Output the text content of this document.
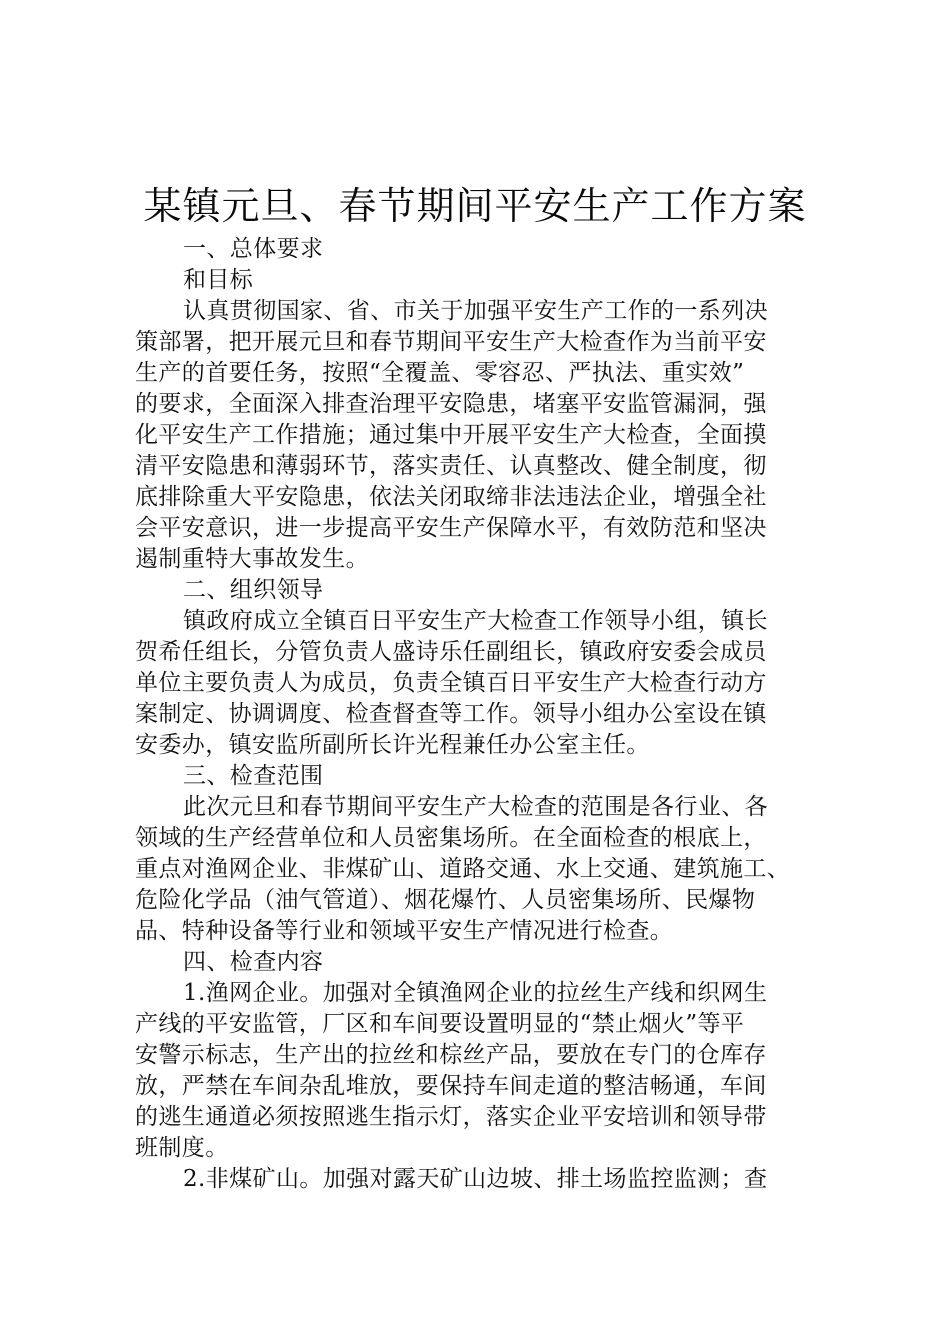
某镇元旦、春节期间平安生产工作方案
一、总体要求
和目标
认真贯彻国家、省、市关于加强平安生产工作的一系列决
策部署，把开展元旦和春节期间平安生产大检查作为当前平安
生产的首要任务，按照“全覆盖、零容忍、严执法、重实效”
的要求，全面深入排查治理平安隐患，堵塞平安监管漏洞，强
化平安生产工作措施；通过集中开展平安生产大检查，全面摸
清平安隐患和薄弱环节，落实责任、认真整改、健全制度，彻
底排除重大平安隐患，依法关闭取缔非法违法企业，增强全社
会平安意识，进一步提高平安生产保障水平，有效防范和坚决
遏制重特大事故发生。
二、组织领导
镇政府成立全镇百日平安生产大检查工作领导小组，镇长
贺希任组长，分管负责人盛诗乐任副组长，镇政府安委会成员
单位主要负责人为成员，负责全镇百日平安生产大检查行动方
案制定、协调调度、检查督查等工作。领导小组办公室设在镇
安委办，镇安监所副所长许光程兼任办公室主任。
三、检查范围
此次元旦和春节期间平安生产大检查的范围是各行业、各
领域的生产经营单位和人员密集场所。在全面检查的根底上，
重点对渔网企业、非煤矿山、道路交通、水上交通、建筑施工、
危险化学品（油气管道）、烟花爆竹、人员密集场所、民爆物
品、特种设备等行业和领域平安生产情况进行检查。
四、检查内容
1.渔网企业。加强对全镇渔网企业的拉丝生产线和织网生
产线的平安监管，厂区和车间要设置明显的“禁止烟火”等平
安警示标志，生产出的拉丝和棕丝产品，要放在专门的仓库存
放，严禁在车间杂乱堆放，要保持车间走道的整洁畅通，车间
的逃生通道必须按照逃生指示灯，落实企业平安培训和领导带
班制度。
2.非煤矿山。加强对露天矿山边坡、排土场监控监测；查
